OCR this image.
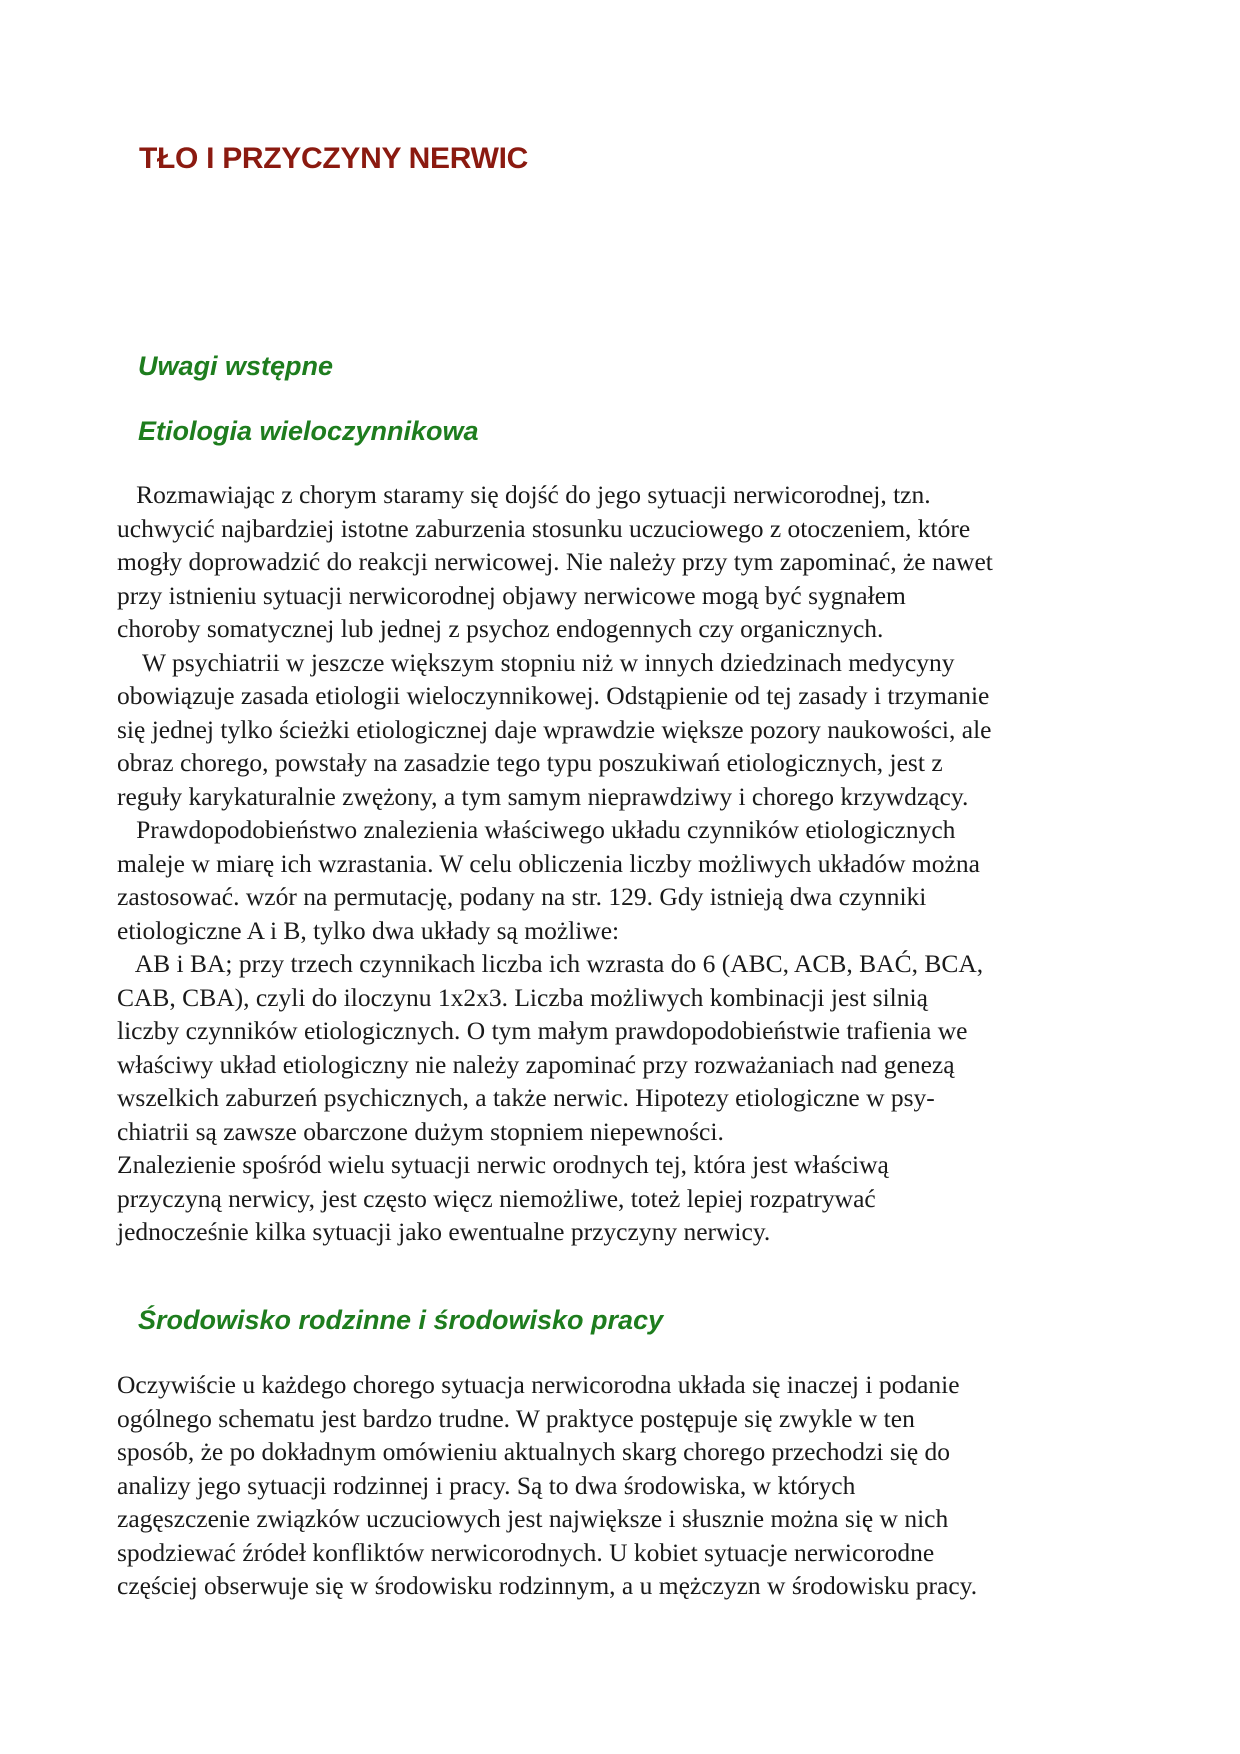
TŁO I PRZYCZYNY NERWIC
Uwagi wstępne
Etiologia wieloczynnikowa
Rozmawiając z chorym staramy się dojść do jego sytuacji nerwicorodnej, tzn.
uchwycić najbardziej istotne zaburzenia stosunku uczuciowego z otoczeniem, które
mogły doprowadzić do reakcji nerwicowej. Nie należy przy tym zapominać, że nawet
przy istnieniu sytuacji nerwicorodnej objawy nerwicowe mogą być sygnałem
choroby somatycznej lub jednej z psychoz endogennych czy organicznych.
W psychiatrii w jeszcze większym stopniu niż w innych dziedzinach medycyny
obowiązuje zasada etiologii wieloczynnikowej. Odstąpienie od tej zasady i trzymanie
się jednej tylko ścieżki etiologicznej daje wprawdzie większe pozory naukowości, ale
obraz chorego, powstały na zasadzie tego typu poszukiwań etiologicznych, jest z
reguły karykaturalnie zwężony, a tym samym nieprawdziwy i chorego krzywdzący.
Prawdopodobieństwo znalezienia właściwego układu czynników etiologicznych
maleje w miarę ich wzrastania. W celu obliczenia liczby możliwych układów można
zastosować. wzór na permutację, podany na str. 129. Gdy istnieją dwa czynniki
etiologiczne A i B, tylko dwa układy są możliwe:
AB i BA; przy trzech czynnikach liczba ich wzrasta do 6 (ABC, ACB, BAĆ, BCA,
CAB, CBA), czyli do iloczynu 1x2x3. Liczba możliwych kombinacji jest silnią
liczby czynników etiologicznych. O tym małym prawdopodobieństwie trafienia we
właściwy układ etiologiczny nie należy zapominać przy rozważaniach nad genezą
wszelkich zaburzeń psychicznych, a także nerwic. Hipotezy etiologiczne w psy-
chiatrii są zawsze obarczone dużym stopniem niepewności.
Znalezienie spośród wielu sytuacji nerwic orodnych tej, która jest właściwą
przyczyną nerwicy, jest często więcz niemożliwe, toteż lepiej rozpatrywać
jednocześnie kilka sytuacji jako ewentualne przyczyny nerwicy.
Środowisko rodzinne i środowisko pracy
Oczywiście u każdego chorego sytuacja nerwicorodna układa się inaczej i podanie
ogólnego schematu jest bardzo trudne. W praktyce postępuje się zwykle w ten
sposób, że po dokładnym omówieniu aktualnych skarg chorego przechodzi się do
analizy jego sytuacji rodzinnej i pracy. Są to dwa środowiska, w których
zagęszczenie związków uczuciowych jest największe i słusznie można się w nich
spodziewać źródeł konfliktów nerwicorodnych. U kobiet sytuacje nerwicorodne
częściej obserwuje się w środowisku rodzinnym, a u mężczyzn w środowisku pracy.
